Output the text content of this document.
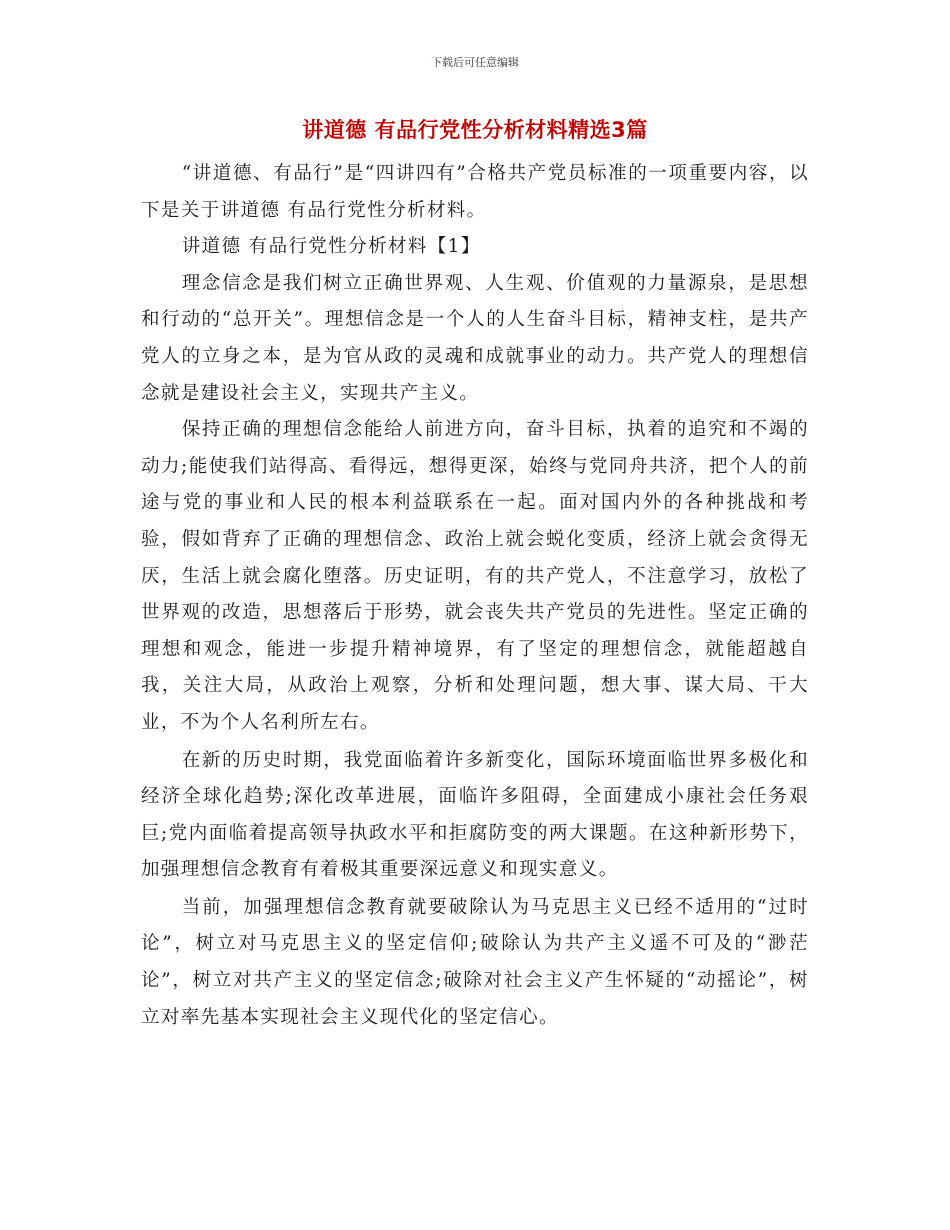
下载后可任意编辑
讲道德 有品行党性分析材料精选3篇

“讲道德、有品行”是“四讲四有”合格共产党员标准的一项重要内容，以下是关于讲道德 有品行党性分析材料。

讲道德 有品行党性分析材料【1】

理念信念是我们树立正确世界观、人生观、价值观的力量源泉，是思想和行动的“总开关”。理想信念是一个人的人生奋斗目标，精神支柱，是共产党人的立身之本，是为官从政的灵魂和成就事业的动力。共产党人的理想信念就是建设社会主义，实现共产主义。

保持正确的理想信念能给人前进方向，奋斗目标，执着的追究和不竭的动力;能使我们站得高、看得远，想得更深，始终与党同舟共济，把个人的前途与党的事业和人民的根本利益联系在一起。面对国内外的各种挑战和考验，假如背弃了正确的理想信念、政治上就会蜕化变质，经济上就会贪得无厌，生活上就会腐化堕落。历史证明，有的共产党人，不注意学习，放松了世界观的改造，思想落后于形势，就会丧失共产党员的先进性。坚定正确的理想和观念，能进一步提升精神境界，有了坚定的理想信念，就能超越自我，关注大局，从政治上观察，分析和处理问题，想大事、谋大局、干大业，不为个人名利所左右。

在新的历史时期，我党面临着许多新变化，国际环境面临世界多极化和经济全球化趋势;深化改革进展，面临许多阻碍，全面建成小康社会任务艰巨;党内面临着提高领导执政水平和拒腐防变的两大课题。在这种新形势下，加强理想信念教育有着极其重要深远意义和现实意义。

当前，加强理想信念教育就要破除认为马克思主义已经不适用的“过时论”，树立对马克思主义的坚定信仰;破除认为共产主义遥不可及的“渺茫论”，树立对共产主义的坚定信念;破除对社会主义产生怀疑的“动摇论”，树立对率先基本实现社会主义现代化的坚定信心。
